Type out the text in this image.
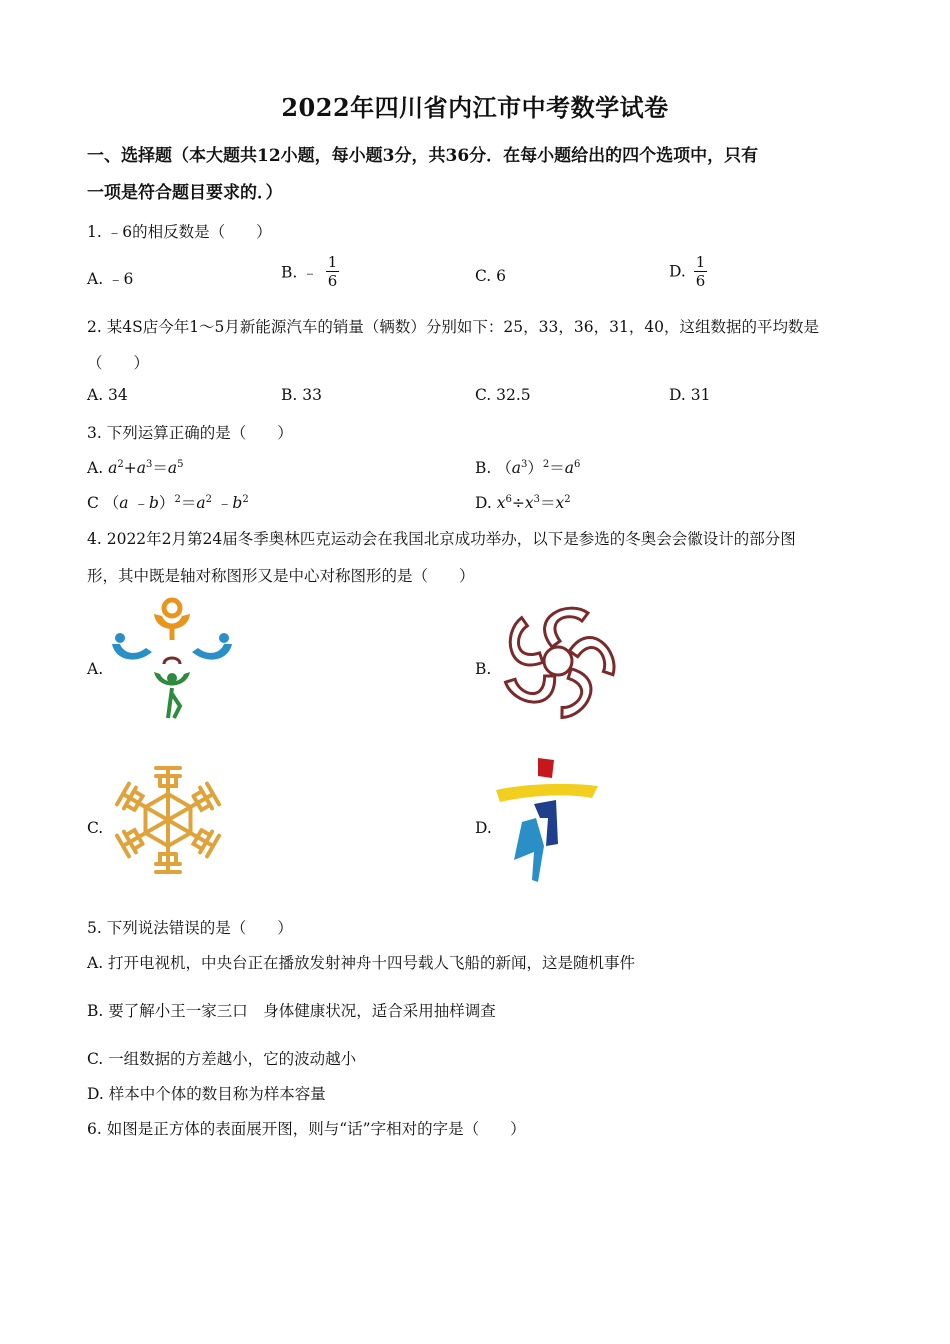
2022年四川省内江市中考数学试卷
一、选择题（本大题共12小题，每小题3分，共36分．在每小题给出的四个选项中，只有
一项是符合题目要求的．）
1. ﹣6的相反数是（　　）
A. ﹣6	B. ﹣ $\frac{1}{6}$	C. 6	D. $\frac{1}{6}$
2. 某4S店今年1～5月新能源汽车的销量（辆数）分别如下：25，33，36，31，40，这组数据的平均数是
（　　）
A. 34	B. 33	C. 32.5	D. 31
3. 下列运算正确的是（　　）
A. $a^2+a^3=a^5$	B. $(a^3)^2=a^6$
C （a $﹣b)^2=a^2$ $﹣b^2$	D. $x^6\div x^3=x^2$
4. 2022年2月第24届冬季奥林匹克运动会在我国北京成功举办，以下是参选的冬奥会会徽设计的部分图
形，其中既是轴对称图形又是中心对称图形的是（　　）
A.	B.
C.	D.
5. 下列说法错误的是（　　）
A. 打开电视机，中央台正在播放发射神舟十四号载人飞船的新闻，这是随机事件
B. 要了解小王一家三口　身体健康状况，适合采用抽样调查
C. 一组数据的方差越小，它的波动越小
D. 样本中个体的数目称为样本容量
6. 如图是正方体的表面展开图，则与“话”字相对的字是（　　）
